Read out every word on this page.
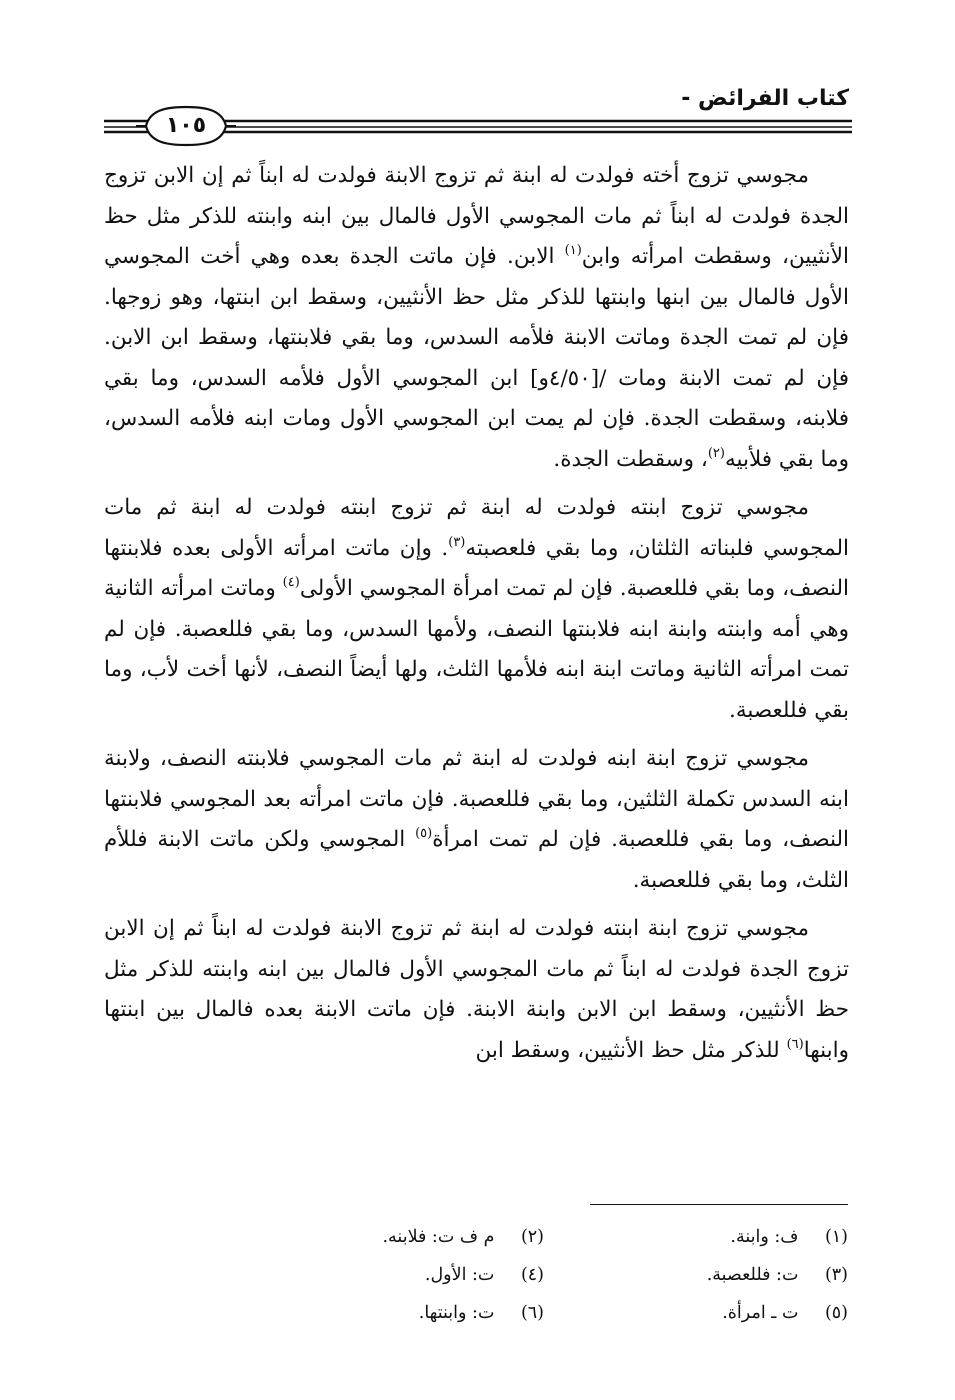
كتاب الفرائض -
١٠٥

مجوسي تزوج أخته فولدت له ابنة ثم تزوج الابنة فولدت له ابناً ثم إن الابن تزوج الجدة فولدت له ابناً ثم مات المجوسي الأول فالمال بين ابنه وابنته للذكر مثل حظ الأنثيين، وسقطت امرأته وابن$^{(١)}$ الابن. فإن ماتت الجدة بعده وهي أخت المجوسي الأول فالمال بين ابنها وابنتها للذكر مثل حظ الأنثيين، وسقط ابن ابنتها، وهو زوجها. فإن لم تمت الجدة وماتت الابنة فلأمه السدس، وما بقي فلابنتها، وسقط ابن الابن. فإن لم تمت الابنة ومات /[٤/٥٠و] ابن المجوسي الأول فلأمه السدس، وما بقي فلابنه، وسقطت الجدة. فإن لم يمت ابن المجوسي الأول ومات ابنه فلأمه السدس، وما بقي فلأبيه$^{(٢)}$، وسقطت الجدة.

مجوسي تزوج ابنته فولدت له ابنة ثم تزوج ابنته فولدت له ابنة ثم مات المجوسي فلبناته الثلثان، وما بقي فلعصبته$^{(٣)}$. وإن ماتت امرأته الأولى بعده فلابنتها النصف، وما بقي فللعصبة. فإن لم تمت امرأة المجوسي الأولى$^{(٤)}$ وماتت امرأته الثانية وهي أمه وابنته وابنة ابنه فلابنتها النصف، ولأمها السدس، وما بقي فللعصبة. فإن لم تمت امرأته الثانية وماتت ابنة ابنه فلأمها الثلث، ولها أيضاً النصف، لأنها أخت لأب، وما بقي فللعصبة.

مجوسي تزوج ابنة ابنه فولدت له ابنة ثم مات المجوسي فلابنته النصف، ولابنة ابنه السدس تكملة الثلثين، وما بقي فللعصبة. فإن ماتت امرأته بعد المجوسي فلابنتها النصف، وما بقي فللعصبة. فإن لم تمت امرأة$^{(٥)}$ المجوسي ولكن ماتت الابنة فللأم الثلث، وما بقي فللعصبة.

مجوسي تزوج ابنة ابنته فولدت له ابنة ثم تزوج الابنة فولدت له ابناً ثم إن الابن تزوج الجدة فولدت له ابناً ثم مات المجوسي الأول فالمال بين ابنه وابنته للذكر مثل حظ الأنثيين، وسقط ابن الابن وابنة الابنة. فإن ماتت الابنة بعده فالمال بين ابنتها وابنها$^{(٦)}$ للذكر مثل حظ الأنثيين، وسقط ابن

(١) ف: وابنة.
(٢) م ف ت: فلابنه.
(٣) ت: فللعصبة.
(٤) ت: الأول.
(٥) ت ـ امرأة.
(٦) ت: وابنتها.
